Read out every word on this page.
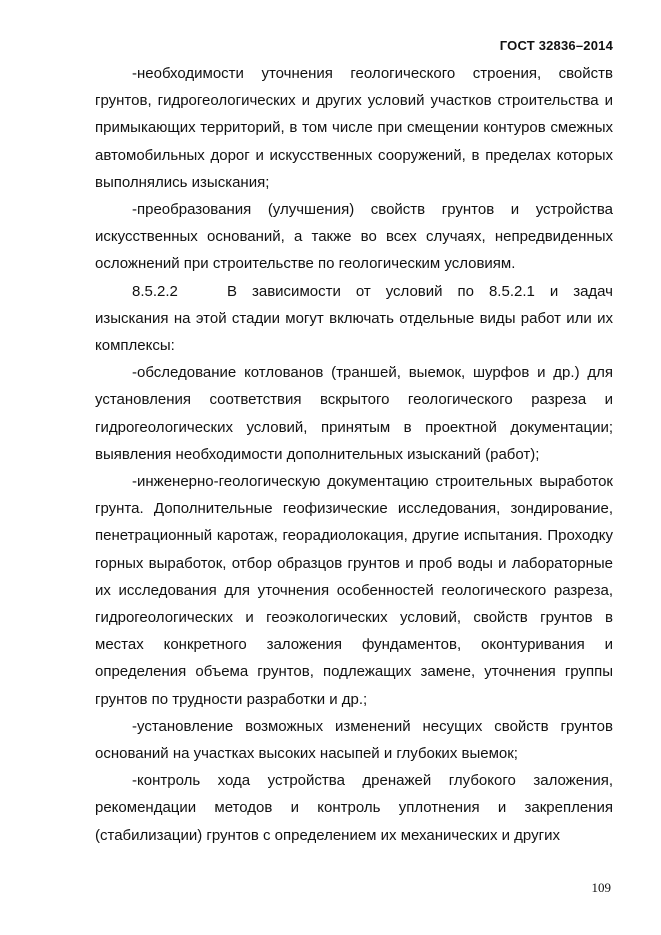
ГОСТ 32836–2014

-необходимости уточнения геологического строения, свойств грунтов, гидрогеологических и других условий участков строительства и примыкающих территорий, в том числе при смещении контуров смежных автомобильных дорог и искусственных сооружений, в пределах которых выполнялись изыскания;

-преобразования (улучшения) свойств грунтов и устройства искусственных оснований, а также во всех случаях, непредвиденных осложнений при строительстве по геологическим условиям.

8.5.2.2	В зависимости от условий по 8.5.2.1 и задач изыскания на этой стадии могут включать отдельные виды работ или их комплексы:

-обследование котлованов (траншей, выемок, шурфов и др.) для установления соответствия вскрытого геологического разреза и гидрогеологических условий, принятым в проектной документации; выявления необходимости дополнительных изысканий (работ);

-инженерно-геологическую документацию строительных выработок грунта. Дополнительные геофизические исследования, зондирование, пенетрационный каротаж, георадиолокация, другие испытания. Проходку горных выработок, отбор образцов грунтов и проб воды и лабораторные их исследования для уточнения особенностей геологического разреза, гидрогеологических и геоэкологических условий, свойств грунтов в местах конкретного заложения фундаментов, оконтуривания и определения объема грунтов, подлежащих замене, уточнения группы грунтов по трудности разработки и др.;

-установление возможных изменений несущих свойств грунтов оснований на участках высоких насыпей и глубоких выемок;

-контроль хода устройства дренажей глубокого заложения, рекомендации методов и контроль уплотнения и закрепления (стабилизации) грунтов с определением их механических и других

109
